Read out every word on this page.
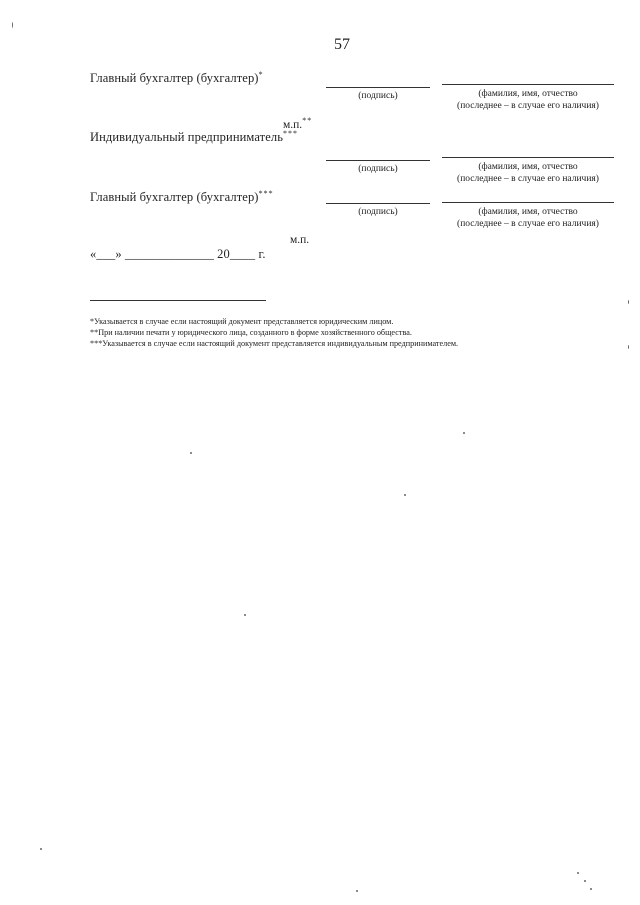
57
Главный бухгалтер (бухгалтер)*
(подпись)	(фамилия, имя, отчество
(последнее – в случае его наличия)
м.п.**
Индивидуальный предприниматель***
(подпись)	(фамилия, имя, отчество
(последнее – в случае его наличия)
Главный бухгалтер (бухгалтер)***
(подпись)	(фамилия, имя, отчество
(последнее – в случае его наличия)
м.п.
«___» ______________ 20____ г.
*Указывается в случае если настоящий документ представляется юридическим лицом.
**При наличии печати у юридического лица, созданного в форме хозяйственного общества.
***Указывается в случае если настоящий документ представляется индивидуальным предпринимателем.
